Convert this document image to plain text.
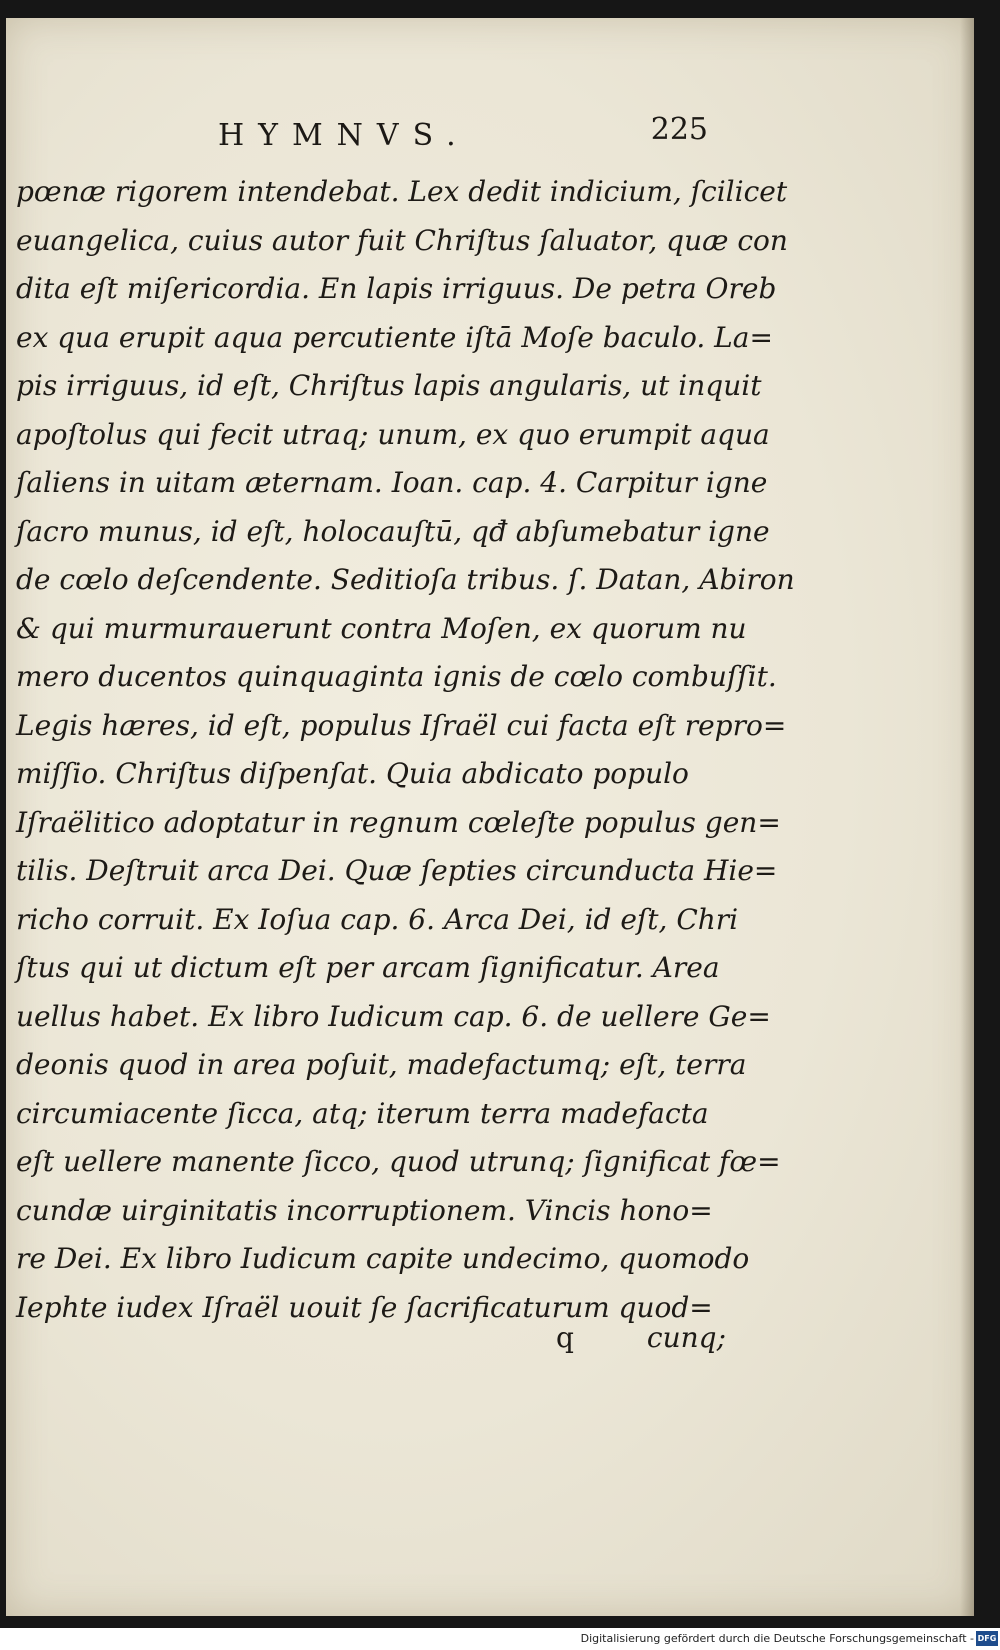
HYMNVS.	225
pœnæ rigorem intendebat. Lex dedit indicium, ſcilicet
euangelica, cuius autor fuit Chriſtus ſaluator, quæ con
dita eſt miſericordia. En lapis irriguus. De petra Oreb
ex qua erupit aqua percutiente iſtā Moſe baculo. La=
pis irriguus, id eſt, Chriſtus lapis angularis, ut inquit
apoſtolus qui fecit utraq; unum, ex quo erumpit aqua
ſaliens in uitam æternam. Ioan. cap. 4. Carpitur igne
ſacro munus, id eſt, holocauſtū, qđ abſumebatur igne
de cœlo deſcendente. Seditioſa tribus. ſ. Datan, Abiron
& qui murmurauerunt contra Moſen, ex quorum nu
mero ducentos quinquaginta ignis de cœlo combuſſit.
Legis hæres, id eſt, populus Iſraël cui facta eſt repro=
miſſio. Chriſtus diſpenſat. Quia abdicato populo
Iſraëlitico adoptatur in regnum cœleſte populus gen=
tilis. Deſtruit arca Dei. Quæ ſepties circunducta Hie=
richo corruit. Ex Ioſua cap. 6. Arca Dei, id eſt, Chri
ſtus qui ut dictum eſt per arcam ſignificatur. Area
uellus habet. Ex libro Iudicum cap. 6. de uellere Ge=
deonis quod in area poſuit, madefactumq; eſt, terra
circumiacente ſicca, atq; iterum terra madefacta
eſt uellere manente ſicco, quod utrunq; ſignificat fœ=
cundæ uirginitatis incorruptionem. Vincis hono=
re Dei. Ex libro Iudicum capite undecimo, quomodo
Iephte iudex Iſraël uouit ſe ſacrificaturum quod=
q	cunq;
Digitalisierung gefördert durch die Deutsche Forschungsgemeinschaft - DFG
